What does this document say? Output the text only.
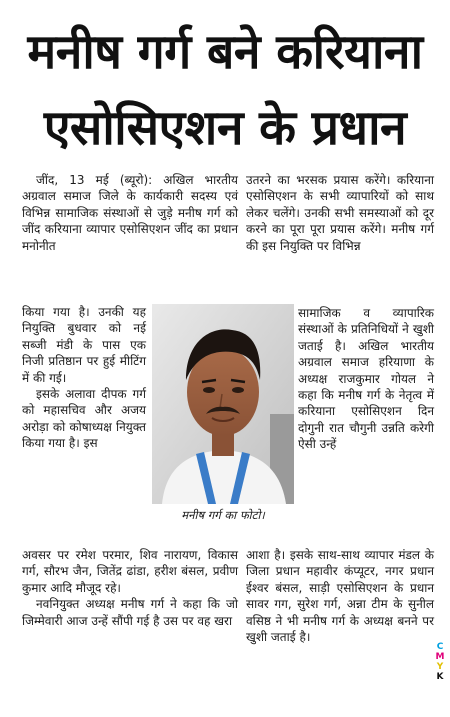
मनीष गर्ग बने करियाना
एसोसिएशन के प्रधान

जींद, 13 मई (ब्यूरो): अखिल भारतीय अग्रवाल समाज जिले के कार्यकारी सदस्य एवं विभिन्न सामाजिक संस्थाओं से जुड़े मनीष गर्ग को जींद करियाना व्यापार एसोसिएशन जींद का प्रधान मनोनीत

किया गया है। उनकी यह नियुक्ति बुधवार को नई सब्जी मंडी के पास एक निजी प्रतिष्ठान पर हुई मीटिंग में की गई।

इसके अलावा दीपक गर्ग को महासचिव और अजय अरोड़ा को कोषाध्यक्ष नियुक्त किया गया है। इस

मनीष गर्ग का फोटो।

अवसर पर रमेश परमार, शिव नारायण, विकास गर्ग, सौरभ जैन, जितेंद्र ढांडा, हरीश बंसल, प्रवीण कुमार आदि मौजूद रहे।

नवनियुक्त अध्यक्ष मनीष गर्ग ने कहा कि जो जिम्मेवारी आज उन्हें सौंपी गई है उस पर वह खरा

उतरने का भरसक प्रयास करेंगे। करियाना एसोसिएशन के सभी व्यापारियों को साथ लेकर चलेंगे। उनकी सभी समस्याओं को दूर करने का पूरा पूरा प्रयास करेंगे। मनीष गर्ग की इस नियुक्ति पर विभिन्न

सामाजिक व व्यापारिक संस्थाओं के प्रतिनिधियों ने खुशी जताई है। अखिल भारतीय अग्रवाल समाज हरियाणा के अध्यक्ष राजकुमार गोयल ने कहा कि मनीष गर्ग के नेतृत्व में करियाना एसोसिएशन दिन दोगुनी रात चौगुनी उन्नति करेगी ऐसी उन्हें

आशा है। इसके साथ-साथ व्यापार मंडल के जिला प्रधान महावीर कंप्यूटर, नगर प्रधान ईश्वर बंसल, साड़ी एसोसिएशन के प्रधान सावर गग, सुरेश गर्ग, अन्ना टीम के सुनील वसिष्ठ ने भी मनीष गर्ग के अध्यक्ष बनने पर खुशी जताई है।

C
M
Y
K
